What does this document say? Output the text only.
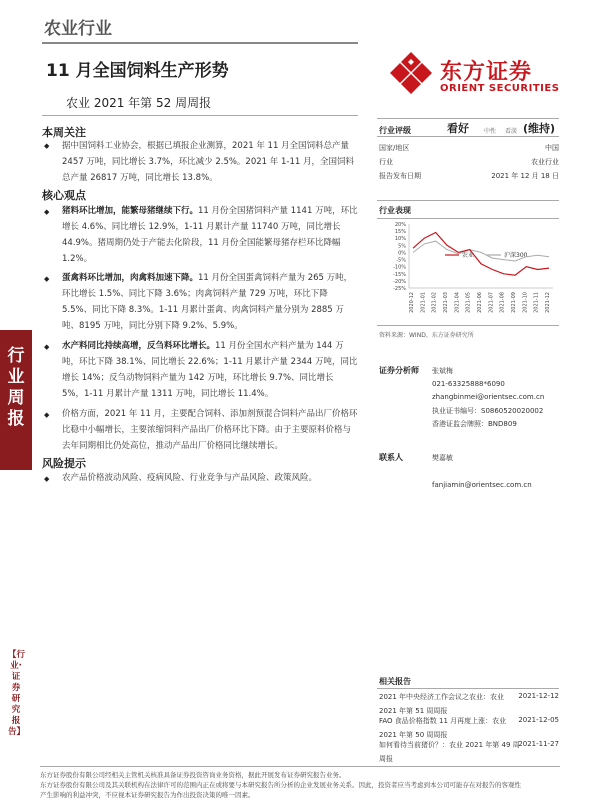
农业行业
11 月全国饲料生产形势
农业 2021 年第 52 周周报
东方证券
ORIENT SECURITIES
行业周报
【行业·证券研究报告】
本周关注
◆ 据中国饲料工业协会，根据已填报企业测算，2021 年 11 月全国饲料总产量 2457 万吨，同比增长 3.7%，环比减少 2.5%。2021 年 1-11 月，全国饲料总产量 26817 万吨，同比增长 13.8%。
核心观点
◆ 猪料环比增加，能繁母猪继续下行。11 月份全国猪饲料产量 1141 万吨，环比增长 4.6%、同比增长 12.9%，1-11 月累计产量 11740 万吨，同比增长 44.9%。猪周期仍处于产能去化阶段，11 月份全国能繁母猪存栏环比降幅 1.2%。
◆ 蛋禽料环比增加，肉禽料加速下降。11 月份全国蛋禽饲料产量为 265 万吨，环比增长 1.5%、同比下降 3.6%；肉禽饲料产量 729 万吨，环比下降 5.5%、同比下降 8.3%。1-11 月累计蛋禽、肉禽饲料产量分别为 2885 万吨、8195 万吨，同比分别下降 9.2%、5.9%。
◆ 水产料同比持续高增，反刍料环比增长。11 月份全国水产料产量为 144 万吨，环比下降 38.1%、同比增长 22.6%；1-11 月累计产量 2344 万吨，同比增长 14%；反刍动物饲料产量为 142 万吨，环比增长 9.7%、同比增长 5%，1-11 月累计产量 1311 万吨，同比增长 11.4%。
◆ 价格方面，2021 年 11 月，主要配合饲料、添加剂预混合饲料产品出厂价格环比稳中小幅增长，主要浓缩饲料产品出厂价格环比下降。由于主要原料价格与去年同期相比仍处高位，推动产品出厂价格同比继续增长。
风险提示
◆ 农产品价格波动风险、疫病风险、行业竞争与产品风险、政策风险。
行业评级	看好	中性 看淡 (维持)
国家/地区	中国
行业	农业行业
报告发布日期	2021 年 12 月 18 日
行业表现
20%
15%
10%
5%
0%
-5%
-10%
-15%
-20%
-25%
2020-12 2021-01 2021-02 2021-03 2021-04 2021-05 2021-06 2021-07 2021-08 2021-09 2021-10 2021-11 2021-12
农业	沪深300
资料来源：WIND、东方证券研究所
证券分析师 张斌梅
021-63325888*6090
zhangbinmei@orientsec.com.cn
执业证书编号：S0860520020002
香港证监会牌照：BND809
联系人	樊嘉敏
fanjiamin@orientsec.com.cn
相关报告
2021 年中央经济工作会议之农业：农业
2021 年第 51 周周报
2021-12-12
FAO 食品价格指数 11 月再度上涨：农业
2021 年第 50 周周报
2021-12-05
如何看待当前猪价？：农业 2021 年第 49 周
周报
2021-11-27
东方证券股份有限公司经相关主管机关核准具备证券投资咨询业务资格，据此开展发布证券研究报告业务。
东方证券股份有限公司及其关联机构在法律许可的范围内正在或将要与本研究报告所分析的企业发展业务关系。因此，投资者应当考虑到本公司可能存在对报告的客观性
产生影响的利益冲突，不应视本证券研究报告为作出投资决策的唯一因素。
